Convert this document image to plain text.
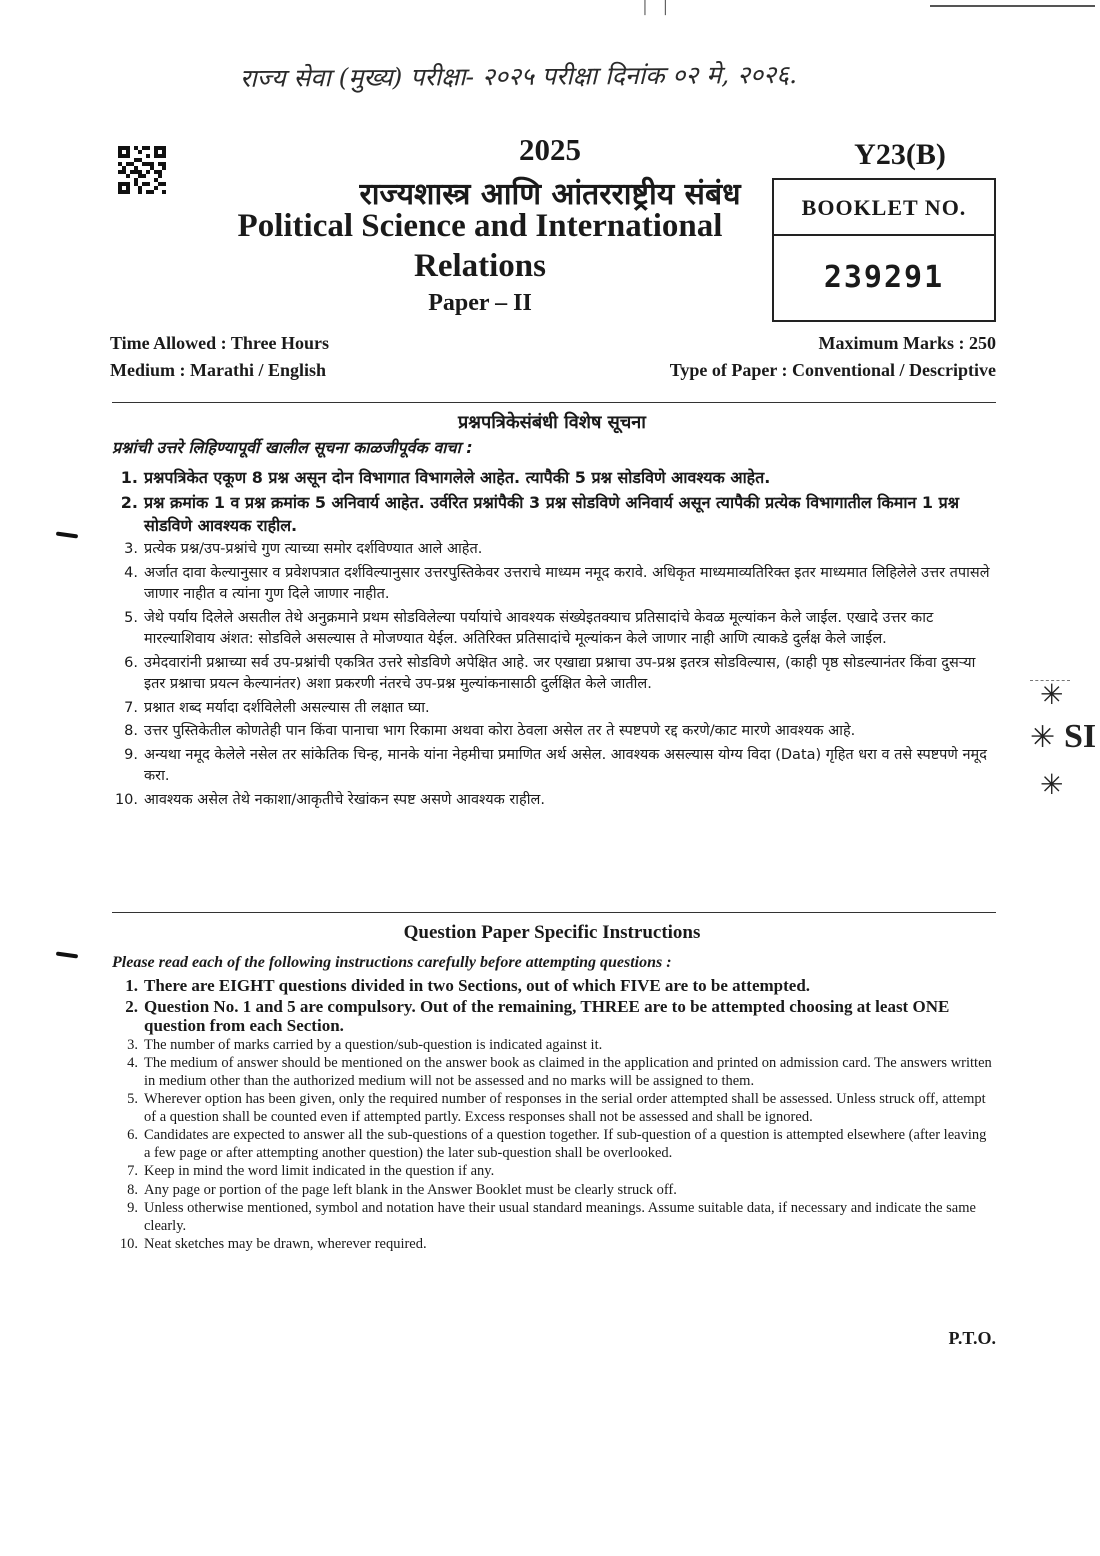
│   │
राज्य सेवा (मुख्य) परीक्षा- २०२५ परीक्षा दिनांक ०२ मे, २०२६.
2025
राज्यशास्त्र आणि आंतरराष्ट्रीय संबंध
Political Science and International
Relations
Paper – II
Y23(B)
BOOKLET NO.
239291
Time Allowed : Three Hours
Medium : Marathi / English
Maximum Marks : 250
Type of Paper : Conventional / Descriptive
प्रश्नपत्रिकेसंबंधी विशेष सूचना
प्रश्नांची उत्तरे लिहिण्यापूर्वी खालील सूचना काळजीपूर्वक वाचा :
1. प्रश्नपत्रिकेत एकूण 8 प्रश्न असून दोन विभागात विभागलेले आहेत. त्यापैकी 5 प्रश्न सोडविणे आवश्यक आहेत.
2. प्रश्न क्रमांक 1 व प्रश्न क्रमांक 5 अनिवार्य आहेत. उर्वरित प्रश्नांपैकी 3 प्रश्न सोडविणे अनिवार्य असून त्यापैकी प्रत्येक विभागातील किमान 1 प्रश्न सोडविणे आवश्यक राहील.
3. प्रत्येक प्रश्न/उप-प्रश्नांचे गुण त्याच्या समोर दर्शविण्यात आले आहेत.
4. अर्जात दावा केल्यानुसार व प्रवेशपत्रात दर्शविल्यानुसार उत्तरपुस्तिकेवर उत्तराचे माध्यम नमूद करावे. अधिकृत माध्यमाव्यतिरिक्त इतर माध्यमात लिहिलेले उत्तर तपासले जाणार नाहीत व त्यांना गुण दिले जाणार नाहीत.
5. जेथे पर्याय दिलेले असतील तेथे अनुक्रमाने प्रथम सोडविलेल्या पर्यायांचे आवश्यक संख्येइतक्याच प्रतिसादांचे केवळ मूल्यांकन केले जाईल. एखादे उत्तर काट मारल्याशिवाय अंशत: सोडविले असल्यास ते मोजण्यात येईल. अतिरिक्त प्रतिसादांचे मूल्यांकन केले जाणार नाही आणि त्याकडे दुर्लक्ष केले जाईल.
6. उमेदवारांनी प्रश्नाच्या सर्व उप-प्रश्नांची एकत्रित उत्तरे सोडविणे अपेक्षित आहे. जर एखाद्या प्रश्नाचा उप-प्रश्न इतरत्र सोडविल्यास, (काही पृष्ठ सोडल्यानंतर किंवा दुसऱ्या इतर प्रश्नाचा प्रयत्न केल्यानंतर) अशा प्रकरणी नंतरचे उप-प्रश्न मुल्यांकनासाठी दुर्लक्षित केले जातील.
7. प्रश्नात शब्द मर्यादा दर्शविलेली असल्यास ती लक्षात घ्या.
8. उत्तर पुस्तिकेतील कोणतेही पान किंवा पानाचा भाग रिकामा अथवा कोरा ठेवला असेल तर ते स्पष्टपणे रद्द करणे/काट मारणे आवश्यक आहे.
9. अन्यथा नमूद केलेले नसेल तर सांकेतिक चिन्ह, मानके यांना नेहमीचा प्रमाणित अर्थ असेल. आवश्यक असल्यास योग्य विदा (Data) गृहित धरा व तसे स्पष्टपणे नमूद करा.
10. आवश्यक असेल तेथे नकाशा/आकृतीचे रेखांकन स्पष्ट असणे आवश्यक राहील.
Question Paper Specific Instructions
Please read each of the following instructions carefully before attempting questions :
1. There are EIGHT questions divided in two Sections, out of which FIVE are to be attempted.
2. Question No. 1 and 5 are compulsory. Out of the remaining, THREE are to be attempted choosing at least ONE question from each Section.
3. The number of marks carried by a question/sub-question is indicated against it.
4. The medium of answer should be mentioned on the answer book as claimed in the application and printed on admission card. The answers written in medium other than the authorized medium will not be assessed and no marks will be assigned to them.
5. Wherever option has been given, only the required number of responses in the serial order attempted shall be assessed. Unless struck off, attempt of a question shall be counted even if attempted partly. Excess responses shall not be assessed and shall be ignored.
6. Candidates are expected to answer all the sub-questions of a question together. If sub-question of a question is attempted elsewhere (after leaving a few page or after attempting another question) the later sub-question shall be overlooked.
7. Keep in mind the word limit indicated in the question if any.
8. Any page or portion of the page left blank in the Answer Booklet must be clearly struck off.
9. Unless otherwise mentioned, symbol and notation have their usual standard meanings. Assume suitable data, if necessary and indicate the same clearly.
10. Neat sketches may be drawn, wherever required.
P.T.O.
✳
✳ SI
✳
